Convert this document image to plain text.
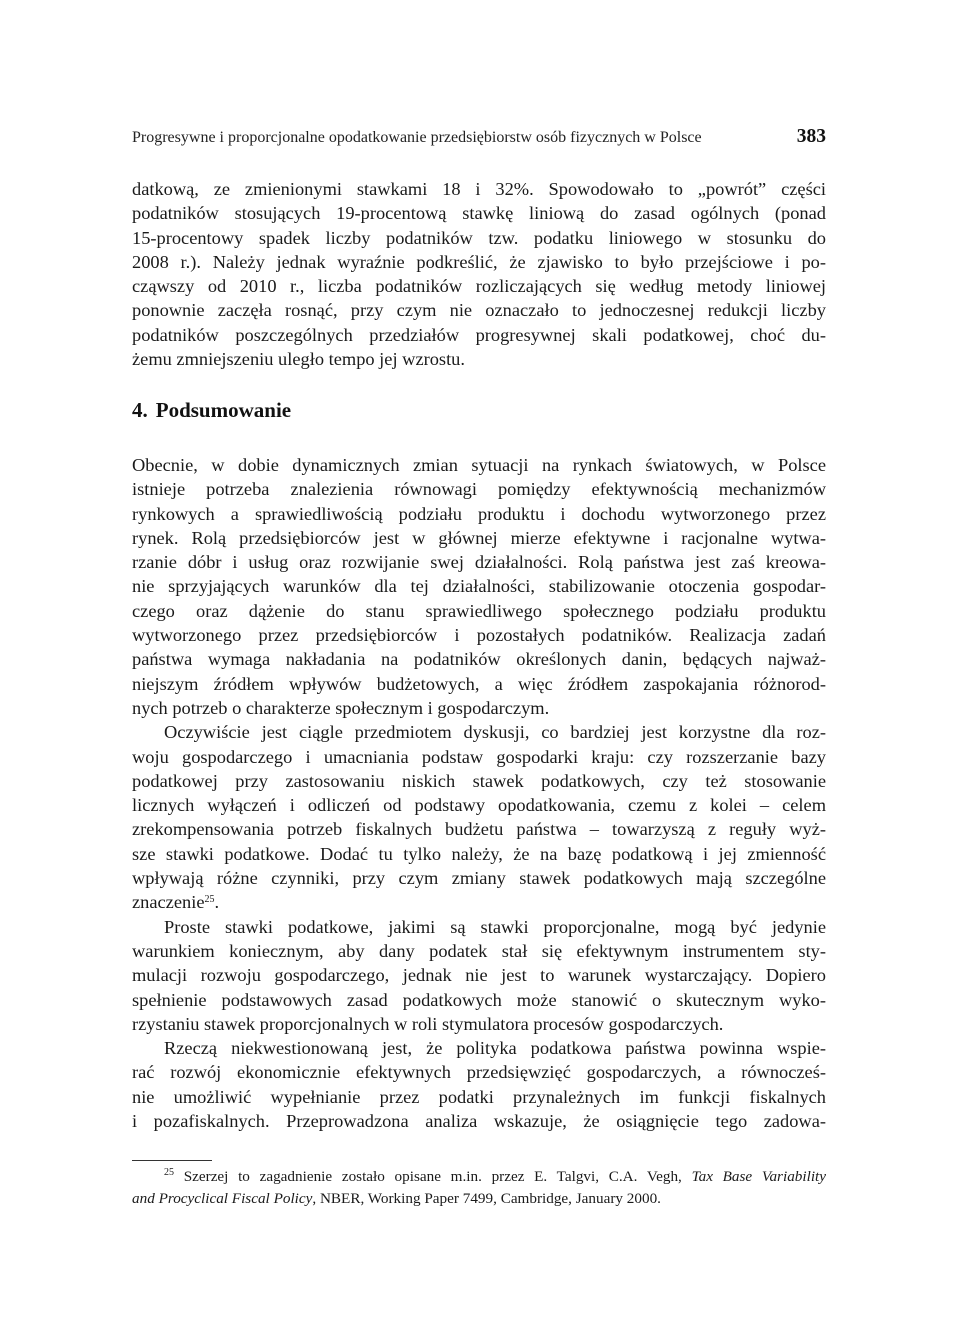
Progresywne i proporcjonalne opodatkowanie przedsiębiorstw osób fizycznych w Polsce	383
datkową, ze zmienionymi stawkami 18 i 32%. Spowodowało to „powrót” części
podatników stosujących 19-procentową stawkę liniową do zasad ogólnych (ponad
15-procentowy spadek liczby podatników tzw. podatku liniowego w stosunku do
2008 r.). Należy jednak wyraźnie podkreślić, że zjawisko to było przejściowe i po-
cząwszy od 2010 r., liczba podatników rozliczających się według metody liniowej
ponownie zaczęła rosnąć, przy czym nie oznaczało to jednoczesnej redukcji liczby
podatników poszczególnych przedziałów progresywnej skali podatkowej, choć du-
żemu zmniejszeniu uległo tempo jej wzrostu.
4. Podsumowanie
Obecnie, w dobie dynamicznych zmian sytuacji na rynkach światowych, w Polsce
istnieje potrzeba znalezienia równowagi pomiędzy efektywnością mechanizmów
rynkowych a sprawiedliwością podziału produktu i dochodu wytworzonego przez
rynek. Rolą przedsiębiorców jest w głównej mierze efektywne i racjonalne wytwa-
rzanie dóbr i usług oraz rozwijanie swej działalności. Rolą państwa jest zaś kreowa-
nie sprzyjających warunków dla tej działalności, stabilizowanie otoczenia gospodar-
czego oraz dążenie do stanu sprawiedliwego społecznego podziału produktu
wytworzonego przez przedsiębiorców i pozostałych podatników. Realizacja zadań
państwa wymaga nakładania na podatników określonych danin, będących najważ-
niejszym źródłem wpływów budżetowych, a więc źródłem zaspokajania różnorod-
nych potrzeb o charakterze społecznym i gospodarczym.
Oczywiście jest ciągle przedmiotem dyskusji, co bardziej jest korzystne dla roz-
woju gospodarczego i umacniania podstaw gospodarki kraju: czy rozszerzanie bazy
podatkowej przy zastosowaniu niskich stawek podatkowych, czy też stosowanie
licznych wyłączeń i odliczeń od podstawy opodatkowania, czemu z kolei – celem
zrekompensowania potrzeb fiskalnych budżetu państwa – towarzyszą z reguły wyż-
sze stawki podatkowe. Dodać tu tylko należy, że na bazę podatkową i jej zmienność
wpływają różne czynniki, przy czym zmiany stawek podatkowych mają szczególne
znaczenie$^{25}$.
Proste stawki podatkowe, jakimi są stawki proporcjonalne, mogą być jedynie
warunkiem koniecznym, aby dany podatek stał się efektywnym instrumentem sty-
mulacji rozwoju gospodarczego, jednak nie jest to warunek wystarczający. Dopiero
spełnienie podstawowych zasad podatkowych może stanowić o skutecznym wyko-
rzystaniu stawek proporcjonalnych w roli stymulatora procesów gospodarczych.
Rzeczą niekwestionowaną jest, że polityka podatkowa państwa powinna wspie-
rać rozwój ekonomicznie efektywnych przedsięwzięć gospodarczych, a równocześ-
nie umożliwić wypełnianie przez podatki przynależnych im funkcji fiskalnych
i pozafiskalnych. Przeprowadzona analiza wskazuje, że osiągnięcie tego zadowa-
$^{25}$ Szerzej to zagadnienie zostało opisane m.in. przez E. Talgvi, C.A. Vegh, Tax Base Variability
and Procyclical Fiscal Policy, NBER, Working Paper 7499, Cambridge, January 2000.
